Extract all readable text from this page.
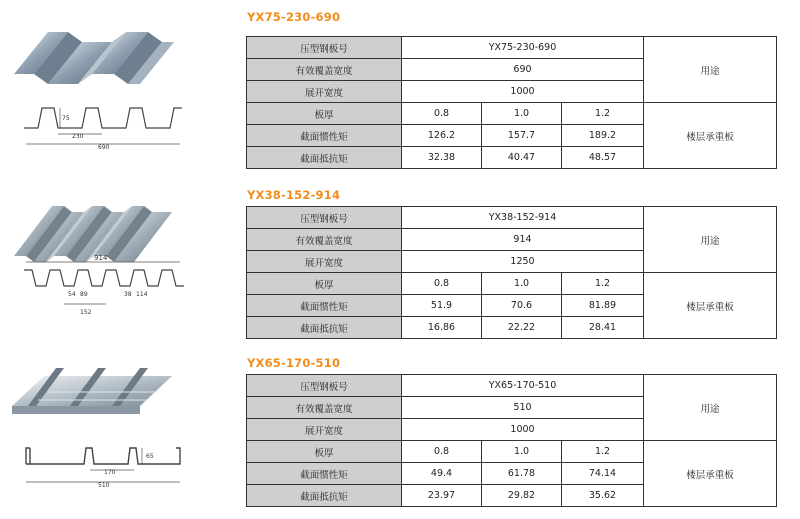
75
230
690
YX75-230-690
压型钢板号	YX75-230-690			用途
有效覆盖宽度	690			
展开宽度	1000			
板厚	0.8	1.0	1.2	楼层承重板
截面惯性矩	126.2	157.7	189.2	
截面抵抗矩	32.38	40.47	48.57	
914
54 89	38 114
152
YX38-152-914
压型钢板号	YX38-152-914			用途
有效覆盖宽度	914			
展开宽度	1250			
板厚	0.8	1.0	1.2	楼层承重板
截面惯性矩	51.9	70.6	81.89	
截面抵抗矩	16.86	22.22	28.41	
65
170
510
YX65-170-510
压型钢板号	YX65-170-510			用途
有效覆盖宽度	510			
展开宽度	1000			
板厚	0.8	1.0	1.2	楼层承重板
截面惯性矩	49.4	61.78	74.14	
截面抵抗矩	23.97	29.82	35.62	
